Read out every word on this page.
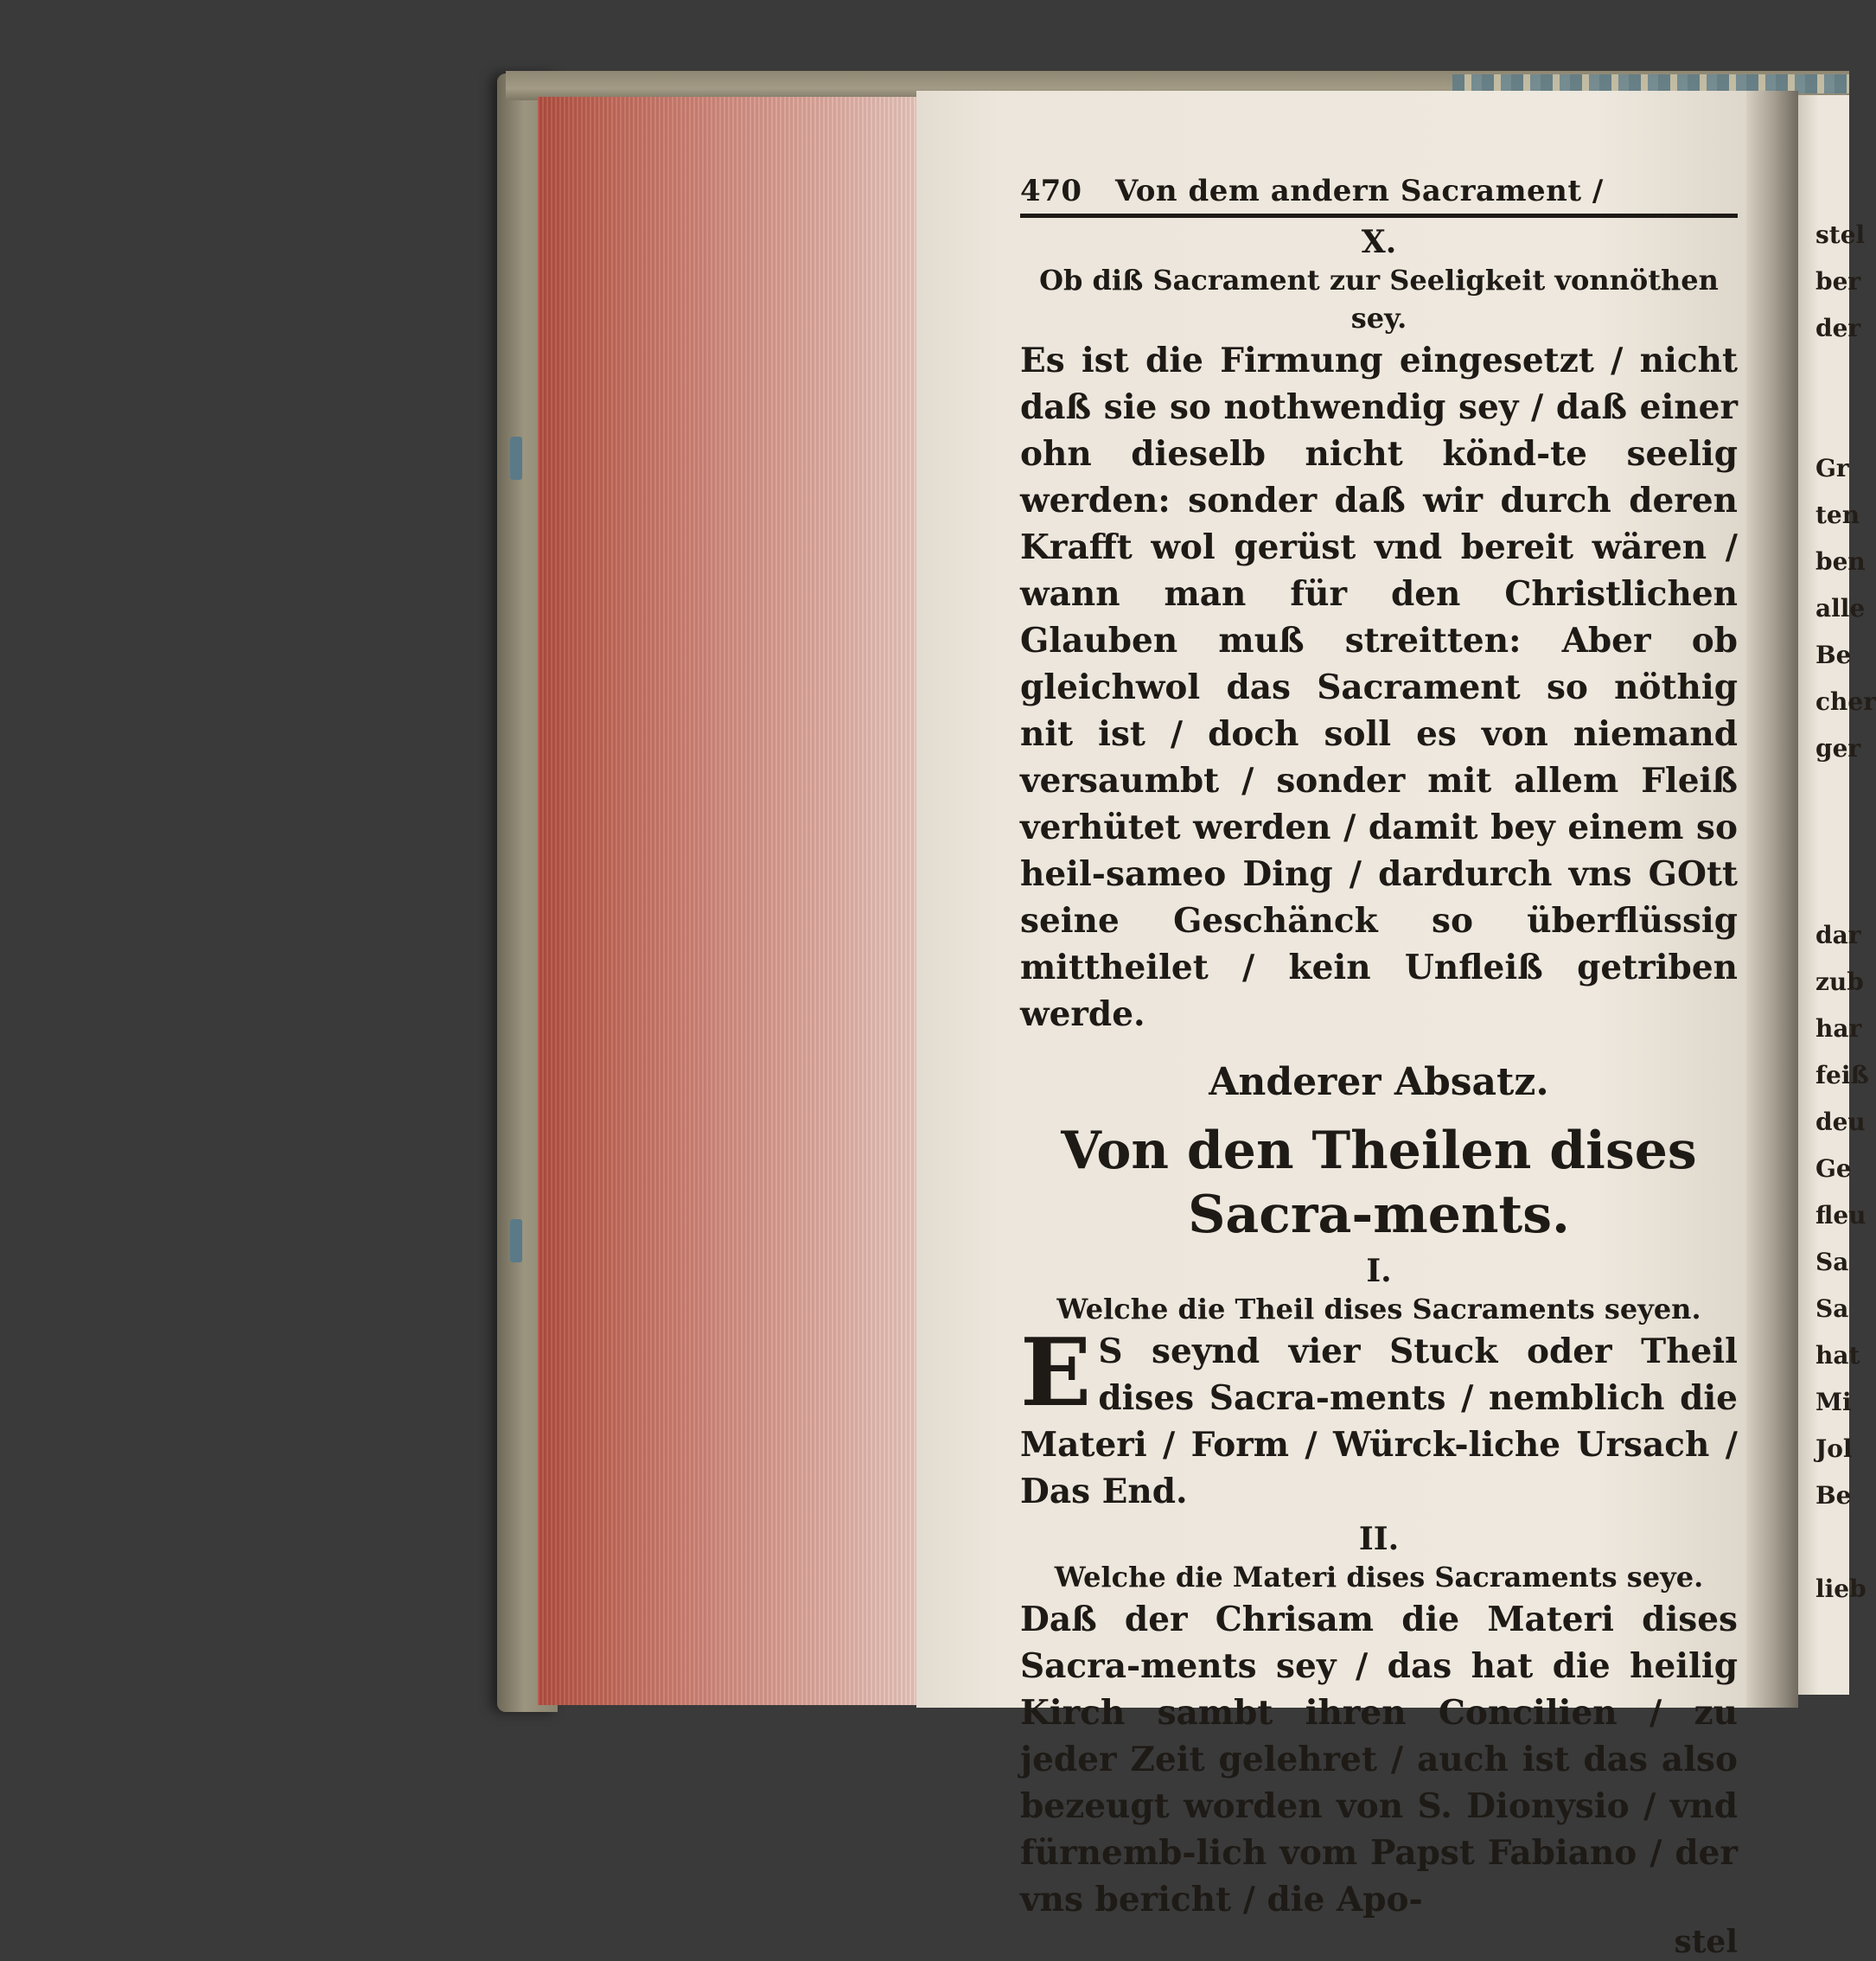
470 Von dem andern Sacrament /
X.
Ob diß Sacrament zur Seeligkeit vonnöthen sey.

Es ist die Firmung eingesetzt / nicht daß sie so nothwendig sey / daß einer ohn dieselb nicht könd-te seelig werden: sonder daß wir durch deren Krafft wol gerüst vnd bereit wären / wann man für den Christlichen Glauben muß streitten: Aber ob gleichwol das Sacrament so nöthig nit ist / doch soll es von niemand versaumbt / sonder mit allem Fleiß verhütet werden / damit bey einem so heil-sameo Ding / dardurch vns GOtt seine Geschänck so überflüssig mittheilet / kein Unfleiß getriben werde.

Anderer Absatz.
Von den Theilen dises Sacra-ments.
I.
Welche die Theil dises Sacraments seyen.

E S seynd vier Stuck oder Theil dises Sacra-ments / nemblich die Materi / Form / Würck-liche Ursach / Das End.

II.
Welche die Materi dises Sacraments seye.

Daß der Chrisam die Materi dises Sacra-ments sey / das hat die heilig Kirch sambt ihren Concilien / zu jeder Zeit gelehret / auch ist das also bezeugt worden von S. Dionysio / vnd fürnemb-lich vom Papst Fabiano / der vns bericht / die Apo-

stel
stel
ber
der
Gr
ten
ben
alle
Be
cher
ger
dar
zub
har
feiß
deu
Ge
fleu
Sa
Sa
hat
Mi
Jol
Be
lieb
